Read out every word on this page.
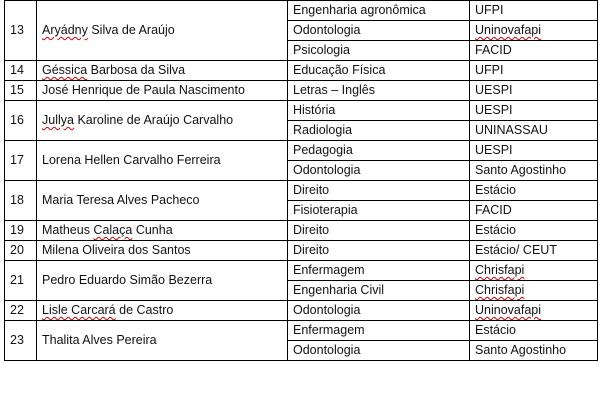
13	Aryádny Silva de Araújo	Engenharia agronômica	UFPI
		Odontologia	Uninovafapi
		Psicologia	FACID
14	Géssica Barbosa da Silva	Educação Física	UFPI
15	José Henrique de Paula Nascimento	Letras – Inglês	UESPI
16	Jullya Karoline de Araújo Carvalho	História	UESPI
		Radiologia	UNINASSAU
17	Lorena Hellen Carvalho Ferreira	Pedagogia	UESPI
		Odontologia	Santo Agostinho
18	Maria Teresa Alves Pacheco	Direito	Estácio
		Fisioterapia	FACID
19	Matheus Calaça Cunha	Direito	Estácio
20	Milena Oliveira dos Santos	Direito	Estácio/ CEUT
21	Pedro Eduardo Simão Bezerra	Enfermagem	Chrisfapi
		Engenharia Civil	Chrisfapi
22	Lisle Carcará de Castro	Odontologia	Uninovafapi
23	Thalita Alves Pereira	Enfermagem	Estácio
		Odontologia	Santo Agostinho
